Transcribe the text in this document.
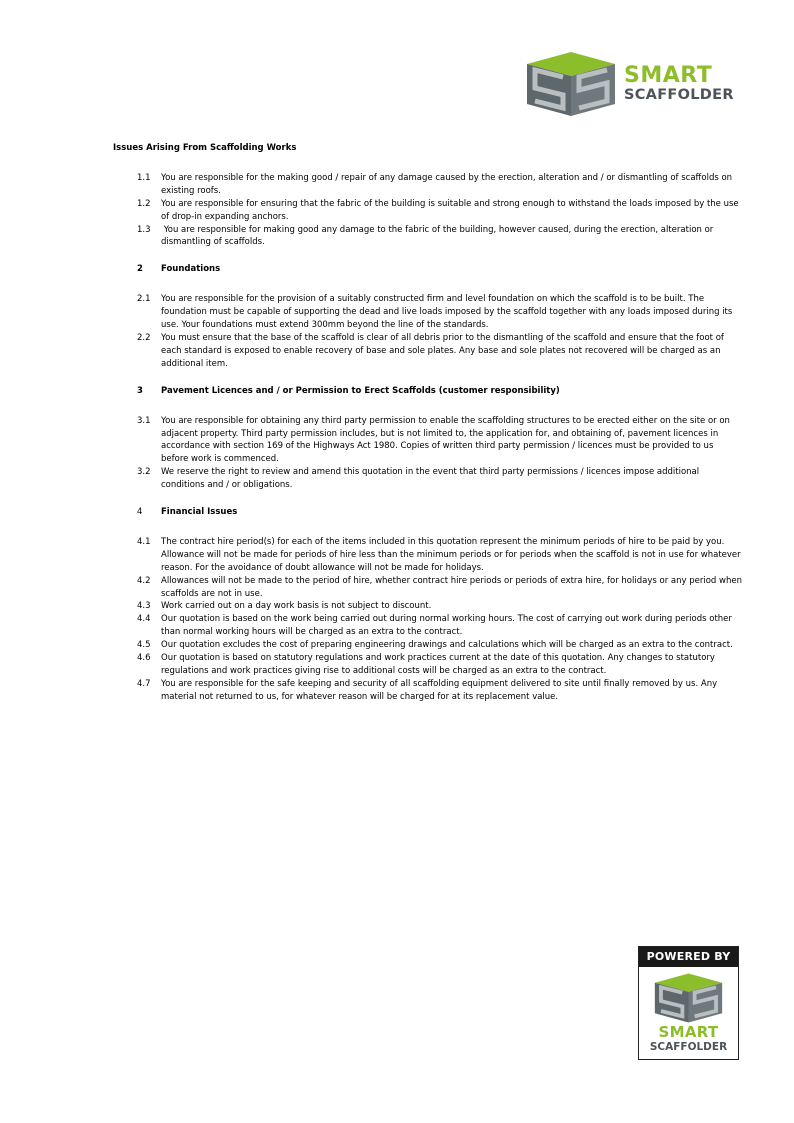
SMART
SCAFFOLDER
Issues Arising From Scaffolding Works
1.1	You are responsible for the making good / repair of any damage caused by the erection, alteration and / or dismantling of scaffolds on existing roofs.
1.2	You are responsible for ensuring that the fabric of the building is suitable and strong enough to withstand the loads imposed by the use of drop-in expanding anchors.
1.3	You are responsible for making good any damage to the fabric of the building, however caused, during the erection, alteration or dismantling of scaffolds.
2	Foundations
2.1	You are responsible for the provision of a suitably constructed firm and level foundation on which the scaffold is to be built. The foundation must be capable of supporting the dead and live loads imposed by the scaffold together with any loads imposed during its use. Your foundations must extend 300mm beyond the line of the standards.
2.2	You must ensure that the base of the scaffold is clear of all debris prior to the dismantling of the scaffold and ensure that the foot of each standard is exposed to enable recovery of base and sole plates. Any base and sole plates not recovered will be charged as an additional item.
3	Pavement Licences and / or Permission to Erect Scaffolds (customer responsibility)
3.1	You are responsible for obtaining any third party permission to enable the scaffolding structures to be erected either on the site or on adjacent property. Third party permission includes, but is not limited to, the application for, and obtaining of, pavement licences in accordance with section 169 of the Highways Act 1980. Copies of written third party permission / licences must be provided to us before work is commenced.
3.2	We reserve the right to review and amend this quotation in the event that third party permissions / licences impose additional conditions and / or obligations.
4	Financial Issues
4.1	The contract hire period(s) for each of the items included in this quotation represent the minimum periods of hire to be paid by you. Allowance will not be made for periods of hire less than the minimum periods or for periods when the scaffold is not in use for whatever reason. For the avoidance of doubt allowance will not be made for holidays.
4.2	Allowances will not be made to the period of hire, whether contract hire periods or periods of extra hire, for holidays or any period when scaffolds are not in use.
4.3	Work carried out on a day work basis is not subject to discount.
4.4	Our quotation is based on the work being carried out during normal working hours. The cost of carrying out work during periods other than normal working hours will be charged as an extra to the contract.
4.5	Our quotation excludes the cost of preparing engineering drawings and calculations which will be charged as an extra to the contract.
4.6	Our quotation is based on statutory regulations and work practices current at the date of this quotation. Any changes to statutory regulations and work practices giving rise to additional costs will be charged as an extra to the contract.
4.7	You are responsible for the safe keeping and security of all scaffolding equipment delivered to site until finally removed by us. Any material not returned to us, for whatever reason will be charged for at its replacement value.
POWERED BY
SMART
SCAFFOLDER
